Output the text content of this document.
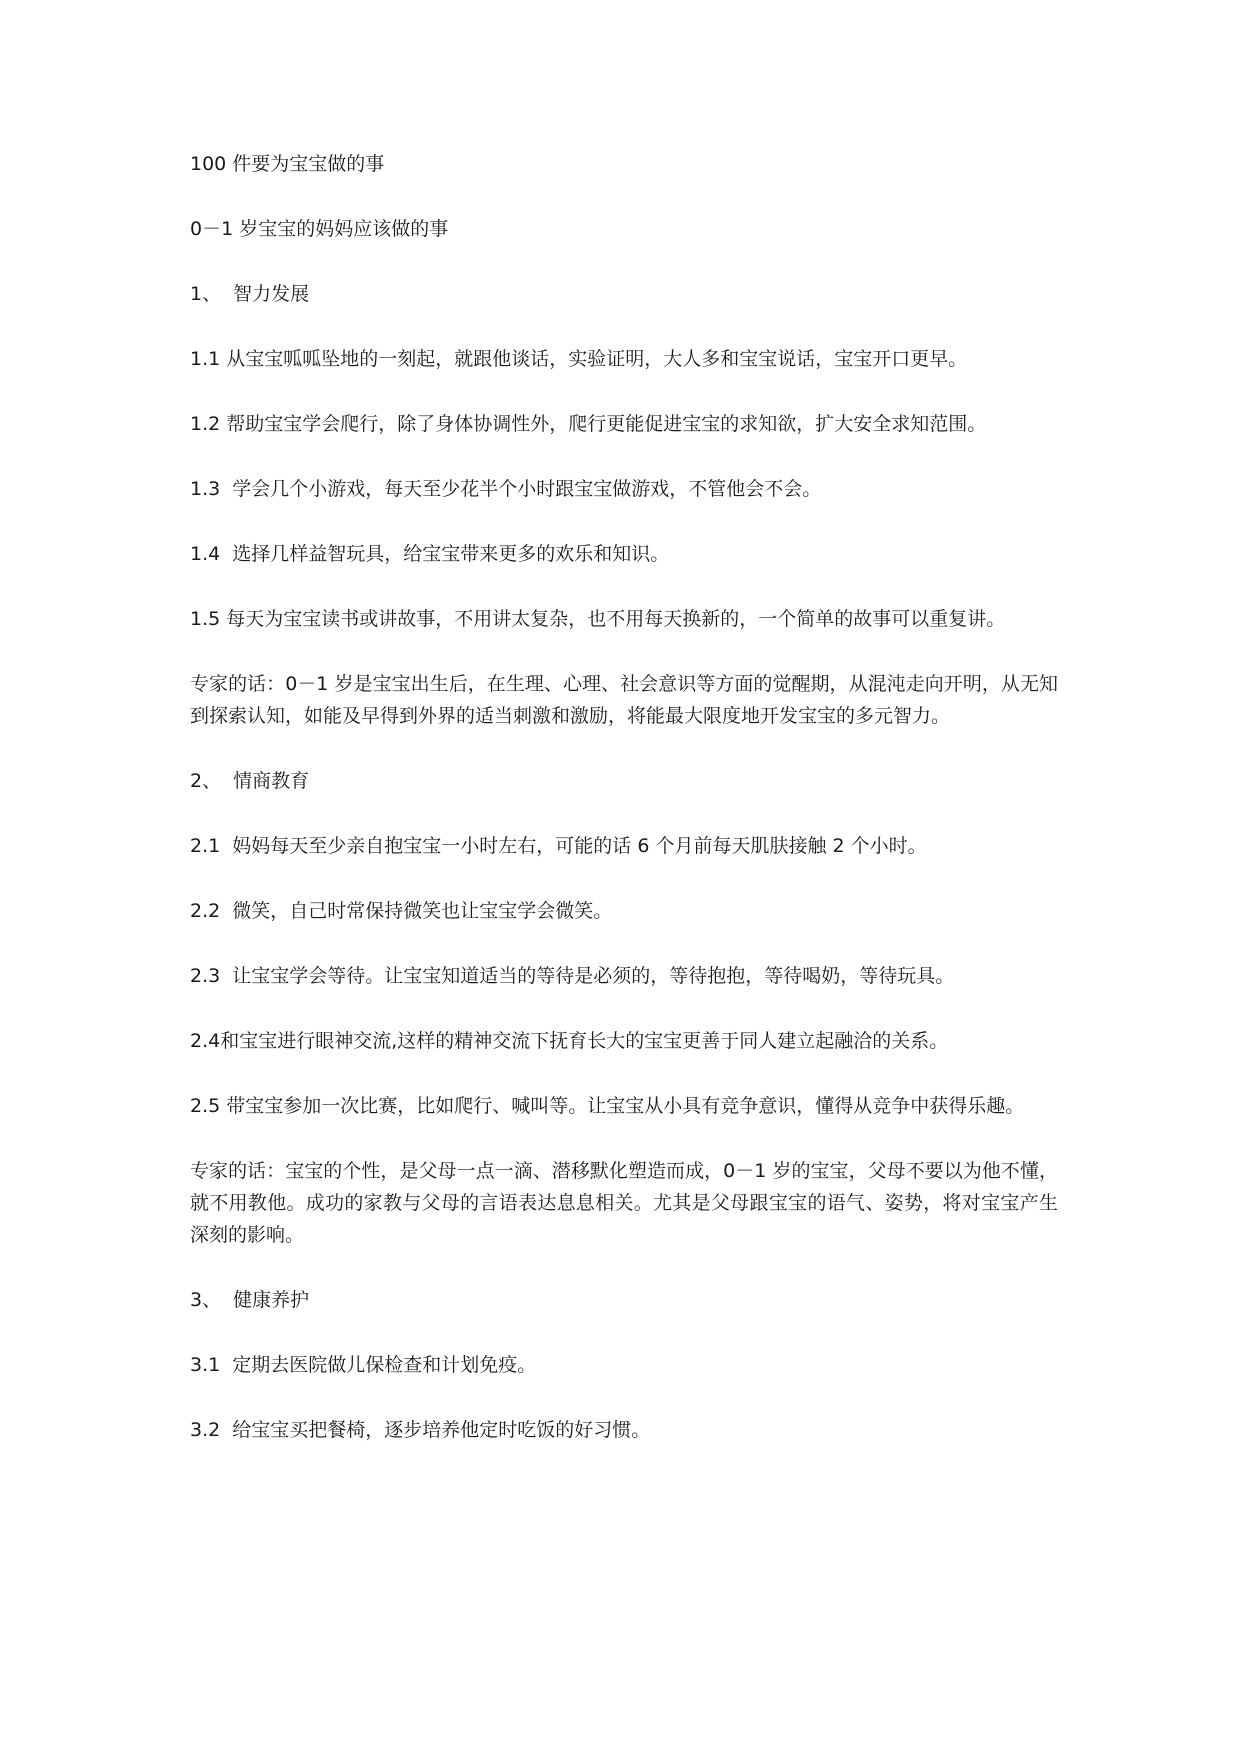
100 件要为宝宝做的事

0－1 岁宝宝的妈妈应该做的事

1、  智力发展

1.1 从宝宝呱呱坠地的一刻起，就跟他谈话，实验证明，大人多和宝宝说话，宝宝开口更早。

1.2 帮助宝宝学会爬行，除了身体协调性外，爬行更能促进宝宝的求知欲，扩大安全求知范围。

1.3  学会几个小游戏，每天至少花半个小时跟宝宝做游戏，不管他会不会。

1.4  选择几样益智玩具，给宝宝带来更多的欢乐和知识。

1.5 每天为宝宝读书或讲故事，不用讲太复杂，也不用每天换新的，一个简单的故事可以重复讲。

专家的话：0－1 岁是宝宝出生后，在生理、心理、社会意识等方面的觉醒期，从混沌走向开明，从无知到探索认知，如能及早得到外界的适当刺激和激励，将能最大限度地开发宝宝的多元智力。

2、  情商教育

2.1  妈妈每天至少亲自抱宝宝一小时左右，可能的话 6 个月前每天肌肤接触 2 个小时。

2.2  微笑，自己时常保持微笑也让宝宝学会微笑。

2.3  让宝宝学会等待。让宝宝知道适当的等待是必须的，等待抱抱，等待喝奶，等待玩具。

2.4和宝宝进行眼神交流,这样的精神交流下抚育长大的宝宝更善于同人建立起融洽的关系。

2.5 带宝宝参加一次比赛，比如爬行、喊叫等。让宝宝从小具有竞争意识，懂得从竞争中获得乐趣。

专家的话：宝宝的个性，是父母一点一滴、潜移默化塑造而成，0－1 岁的宝宝，父母不要以为他不懂，就不用教他。成功的家教与父母的言语表达息息相关。尤其是父母跟宝宝的语气、姿势，将对宝宝产生深刻的影响。

3、  健康养护

3.1  定期去医院做儿保检查和计划免疫。

3.2  给宝宝买把餐椅，逐步培养他定时吃饭的好习惯。
